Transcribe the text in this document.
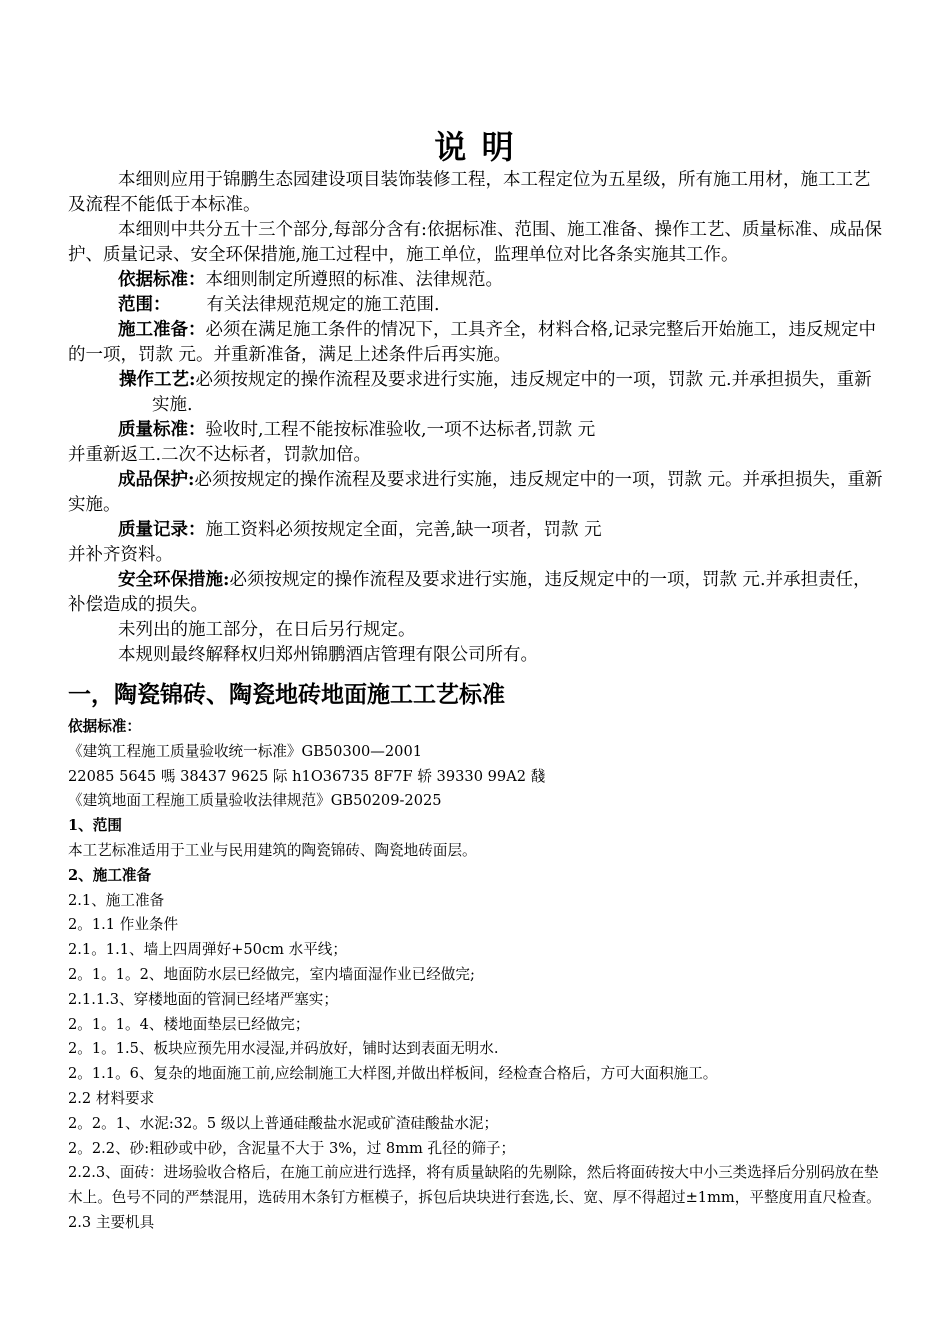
说 明

本细则应用于锦鹏生态园建设项目装饰装修工程，本工程定位为五星级，所有施工用材，施工工艺及流程不能低于本标准。

本细则中共分五十三个部分,每部分含有:依据标准、范围、施工准备、操作工艺、质量标准、成品保护、质量记录、安全环保措施,施工过程中，施工单位，监理单位对比各条实施其工作。

依据标准：本细则制定所遵照的标准、法律规范。

范围： 有关法律规范规定的施工范围.

施工准备：必须在满足施工条件的情况下，工具齐全，材料合格,记录完整后开始施工，违反规定中的一项，罚款 元。并重新准备，满足上述条件后再实施。

操作工艺:必须按规定的操作流程及要求进行实施，违反规定中的一项，罚款 元.并承担损失，重新实施.

质量标准：验收时,工程不能按标准验收,一项不达标者,罚款 元

并重新返工.二次不达标者，罚款加倍。

成品保护:必须按规定的操作流程及要求进行实施，违反规定中的一项，罚款 元。并承担损失，重新实施。

质量记录：施工资料必须按规定全面，完善,缺一项者，罚款 元

并补齐资料。

安全环保措施:必须按规定的操作流程及要求进行实施，违反规定中的一项，罚款 元.并承担责任，补偿造成的损失。

未列出的施工部分，在日后另行规定。

本规则最终解释权归郑州锦鹏酒店管理有限公司所有。

一，陶瓷锦砖、陶瓷地砖地面施工工艺标准

依据标准：

《建筑工程施工质量验收统一标准》GB50300—2001

22085 5645 嗎 38437 9625 际 h1O36735 8F7F 轿 39330 99A2 馢

《建筑地面工程施工质量验收法律规范》GB50209-2025

1、范围

本工艺标准适用于工业与民用建筑的陶瓷锦砖、陶瓷地砖面层。

2、施工准备

2.1、施工准备

2。1.1 作业条件

2.1。1.1、墙上四周弹好+50cm 水平线；

2。1。1。2、地面防水层已经做完，室内墙面湿作业已经做完;

2.1.1.3、穿楼地面的管洞已经堵严塞实；

2。1。1。4、楼地面垫层已经做完；

2。1。1.5、板块应预先用水浸湿,并码放好，铺时达到表面无明水.

2。1.1。6、复杂的地面施工前,应绘制施工大样图,并做出样板间，经检查合格后，方可大面积施工。

2.2 材料要求

2。2。1、水泥:32。5 级以上普通硅酸盐水泥或矿渣硅酸盐水泥；

2。2.2、砂:粗砂或中砂，含泥量不大于 3%，过 8mm 孔径的筛子；

2.2.3、面砖：进场验收合格后，在施工前应进行选择，将有质量缺陷的先剔除，然后将面砖按大中小三类选择后分别码放在垫木上。色号不同的严禁混用，选砖用木条钉方框模子，拆包后块块进行套选,长、宽、厚不得超过±1mm，平整度用直尺检查。

2.3 主要机具
